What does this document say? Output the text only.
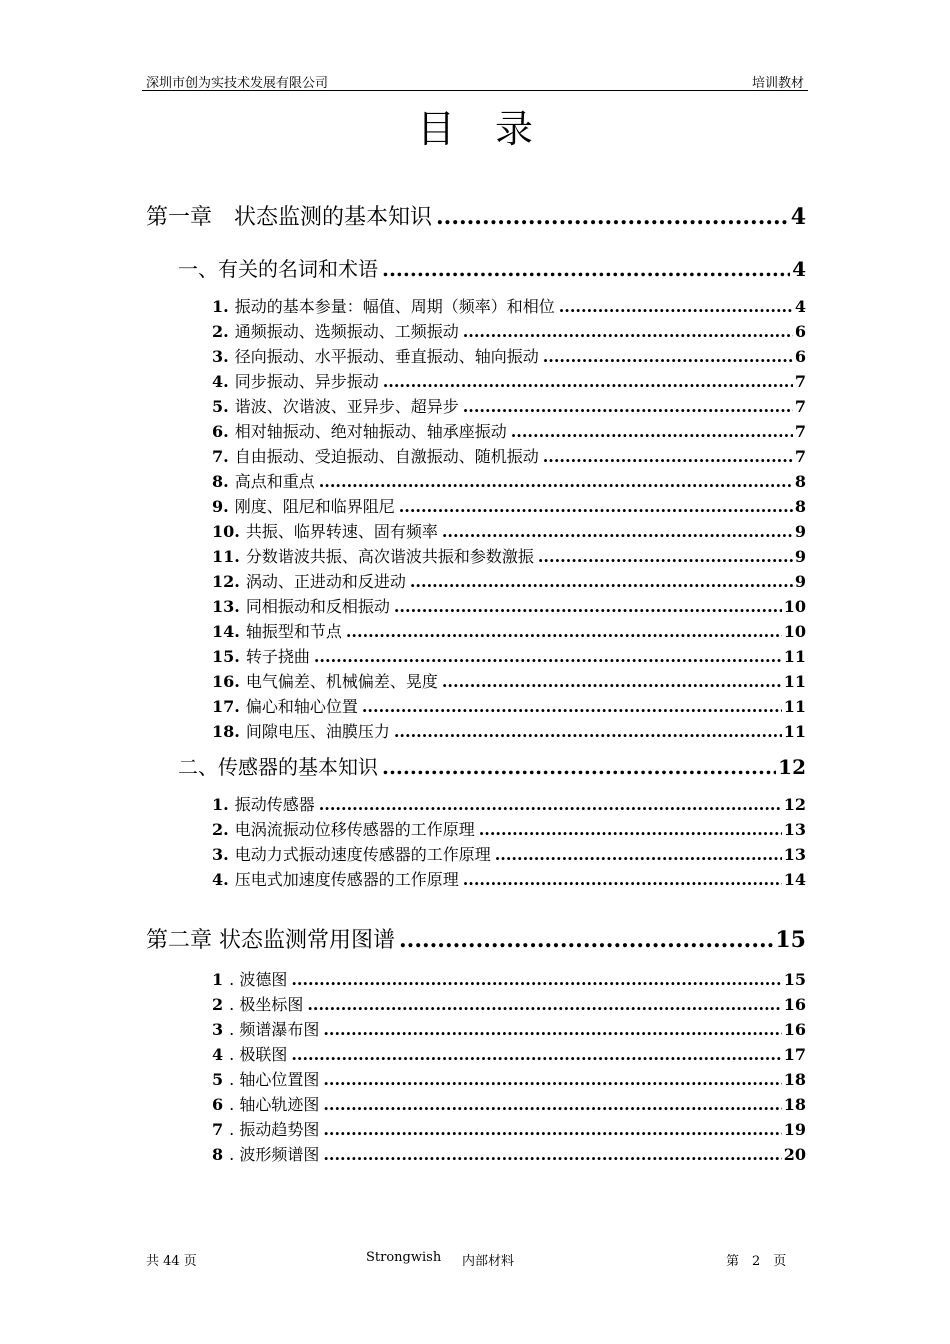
深圳市创为实技术发展有限公司	培训教材
目录
第一章　状态监测的基本知识 .....	4
一、有关的名词和术语 .....	4
1. 振动的基本参量：幅值、周期（频率）和相位 .....	4
2. 通频振动、选频振动、工频振动 .....	6
3. 径向振动、水平振动、垂直振动、轴向振动 .....	6
4. 同步振动、异步振动 .....	7
5. 谐波、次谐波、亚异步、超异步 .....	7
6. 相对轴振动、绝对轴振动、轴承座振动 .....	7
7. 自由振动、受迫振动、自激振动、随机振动 .....	7
8. 高点和重点 .....	8
9. 刚度、阻尼和临界阻尼 .....	8
10. 共振、临界转速、固有频率 .....	9
11. 分数谐波共振、高次谐波共振和参数激振 .....	9
12. 涡动、正进动和反进动 .....	9
13. 同相振动和反相振动 .....	10
14. 轴振型和节点 .....	10
15. 转子挠曲 .....	11
16. 电气偏差、机械偏差、晃度 .....	11
17. 偏心和轴心位置 .....	11
18. 间隙电压、油膜压力 .....	11
二、传感器的基本知识 .....	12
1. 振动传感器 .....	12
2. 电涡流振动位移传感器的工作原理 .....	13
3. 电动力式振动速度传感器的工作原理 .....	13
4. 压电式加速度传感器的工作原理 .....	14
第二章 状态监测常用图谱 .....	15
1 . 波德图 .....	15
2 . 极坐标图 .....	16
3 . 频谱瀑布图 .....	16
4 . 极联图 .....	17
5 . 轴心位置图 .....	18
6 . 轴心轨迹图 .....	18
7 . 振动趋势图 .....	19
8 . 波形频谱图 .....	20
共 44 页	Strongwish 内部材料	第　2　页
